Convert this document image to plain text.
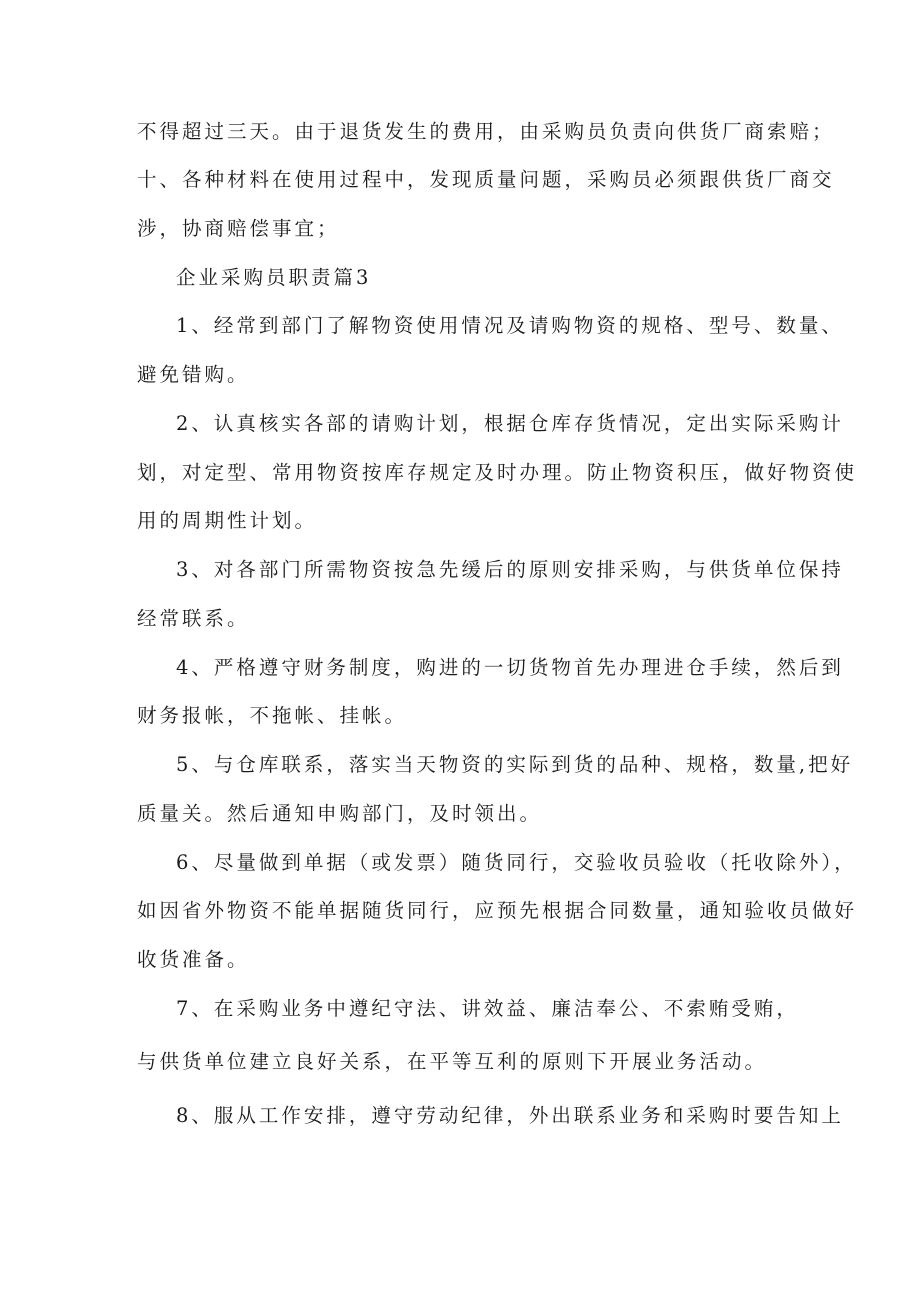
不得超过三天。由于退货发生的费用，由采购员负责向供货厂商索赔；
十、各种材料在使用过程中，发现质量问题，采购员必须跟供货厂商交
涉，协商赔偿事宜；
企业采购员职责篇3
1、经常到部门了解物资使用情况及请购物资的规格、型号、数量、
避免错购。
2、认真核实各部的请购计划，根据仓库存货情况，定出实际采购计
划，对定型、常用物资按库存规定及时办理。防止物资积压，做好物资使
用的周期性计划。
3、对各部门所需物资按急先缓后的原则安排采购，与供货单位保持
经常联系。
4、严格遵守财务制度，购进的一切货物首先办理进仓手续，然后到
财务报帐，不拖帐、挂帐。
5、与仓库联系，落实当天物资的实际到货的品种、规格，数量,把好
质量关。然后通知申购部门，及时领出。
6、尽量做到单据（或发票）随货同行，交验收员验收（托收除外），
如因省外物资不能单据随货同行，应预先根据合同数量，通知验收员做好
收货准备。
7、在采购业务中遵纪守法、讲效益、廉洁奉公、不索贿受贿，
与供货单位建立良好关系，在平等互利的原则下开展业务活动。
8、服从工作安排，遵守劳动纪律，外出联系业务和采购时要告知上
